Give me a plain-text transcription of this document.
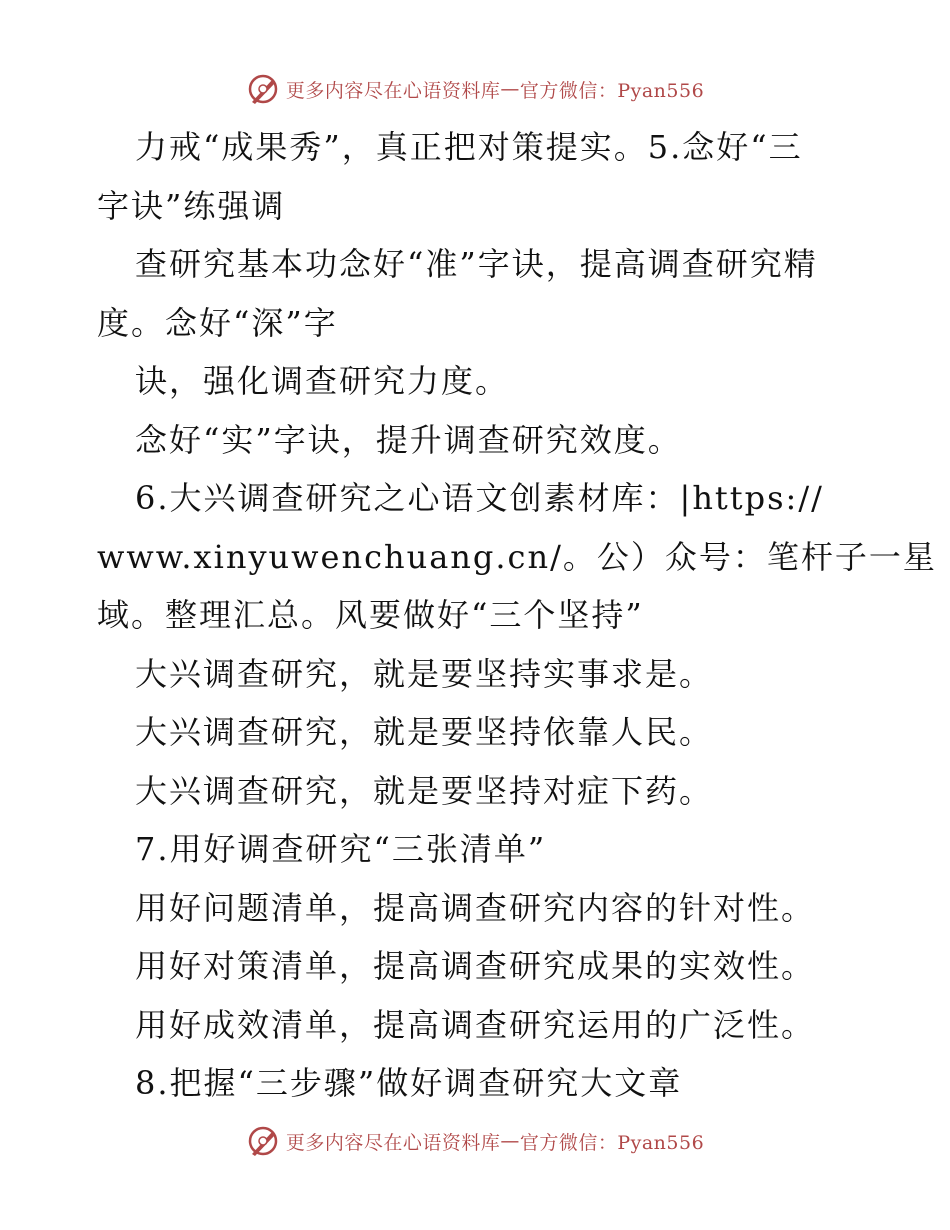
更多内容尽在心语资料库 — 官方微信：Pyan556
力戒“成果秀”，真正把对策提实。5.念好“三
字诀”练强调
查研究基本功念好“准”字诀，提高调查研究精
度。念好“深”字
诀，强化调查研究力度。
念好“实”字诀，提升调查研究效度。
6.大兴调查研究之心语文创素材库：|https://
www.xinyuwenchuang.cn/。公）众号：笔杆子一星
域。整理汇总。风要做好“三个坚持”
大兴调查研究，就是要坚持实事求是。
大兴调查研究，就是要坚持依靠人民。
大兴调查研究，就是要坚持对症下药。
7.用好调查研究“三张清单”
用好问题清单，提高调查研究内容的针对性。
用好对策清单，提高调查研究成果的实效性。
用好成效清单，提高调查研究运用的广泛性。
8.把握“三步骤”做好调查研究大文章
更多内容尽在心语资料库 — 官方微信：Pyan556
